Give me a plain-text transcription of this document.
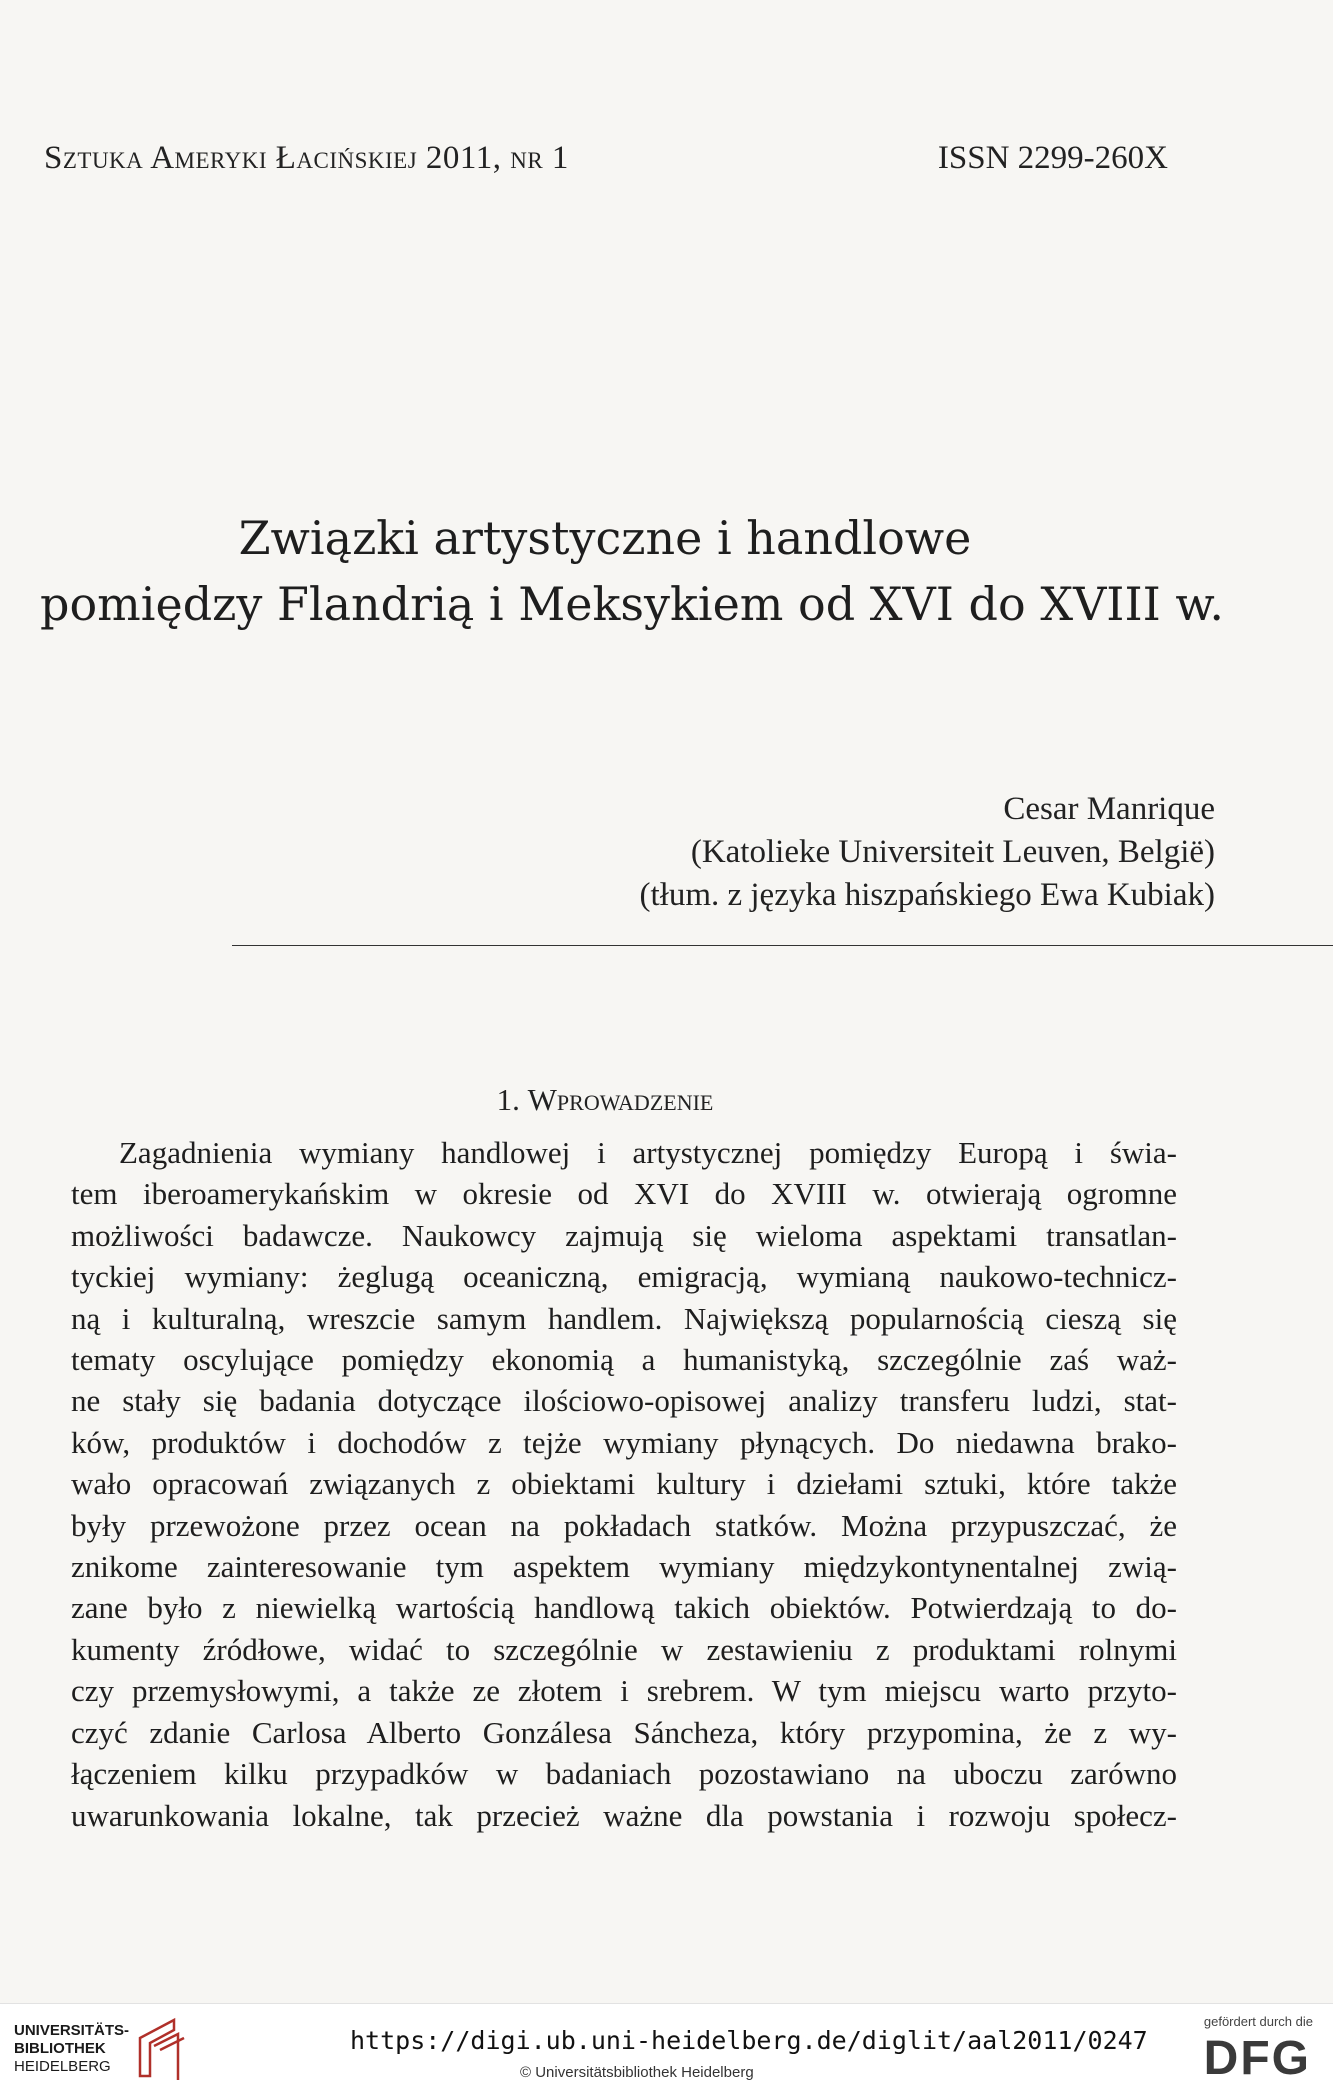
Sztuka Ameryki Łacińskiej 2011, nr 1	ISSN 2299-260X
Związki artystyczne i handlowe
pomiędzy Flandrią i Meksykiem od XVI do XVIII w.
Cesar Manrique
(Katolieke Universiteit Leuven, België)
(tłum. z języka hiszpańskiego Ewa Kubiak)
1. Wprowadzenie

Zagadnienia wymiany handlowej i artystycznej pomiędzy Europą i świa-
tem iberoamerykańskim w okresie od XVI do XVIII w. otwierają ogromne
możliwości badawcze. Naukowcy zajmują się wieloma aspektami transatlan-
tyckiej wymiany: żeglugą oceaniczną, emigracją, wymianą naukowo-technicz-
ną i kulturalną, wreszcie samym handlem. Największą popularnością cieszą się
tematy oscylujące pomiędzy ekonomią a humanistyką, szczególnie zaś waż-
ne stały się badania dotyczące ilościowo-opisowej analizy transferu ludzi, stat-
ków, produktów i dochodów z tejże wymiany płynących. Do niedawna brako-
wało opracowań związanych z obiektami kultury i dziełami sztuki, które także
były przewożone przez ocean na pokładach statków. Można przypuszczać, że
znikome zainteresowanie tym aspektem wymiany międzykontynentalnej zwią-
zane było z niewielką wartością handlową takich obiektów. Potwierdzają to do-
kumenty źródłowe, widać to szczególnie w zestawieniu z produktami rolnymi
czy przemysłowymi, a także ze złotem i srebrem. W tym miejscu warto przyto-
czyć zdanie Carlosa Alberto Gonzálesa Sáncheza, który przypomina, że z wy-
łączeniem kilku przypadków w badaniach pozostawiano na uboczu zarówno
uwarunkowania lokalne, tak przecież ważne dla powstania i rozwoju społecz-

UNIVERSITÄTS-
BIBLIOTHEK
HEIDELBERG
https://digi.ub.uni-heidelberg.de/diglit/aal2011/0247
© Universitätsbibliothek Heidelberg
gefördert durch die
DFG
